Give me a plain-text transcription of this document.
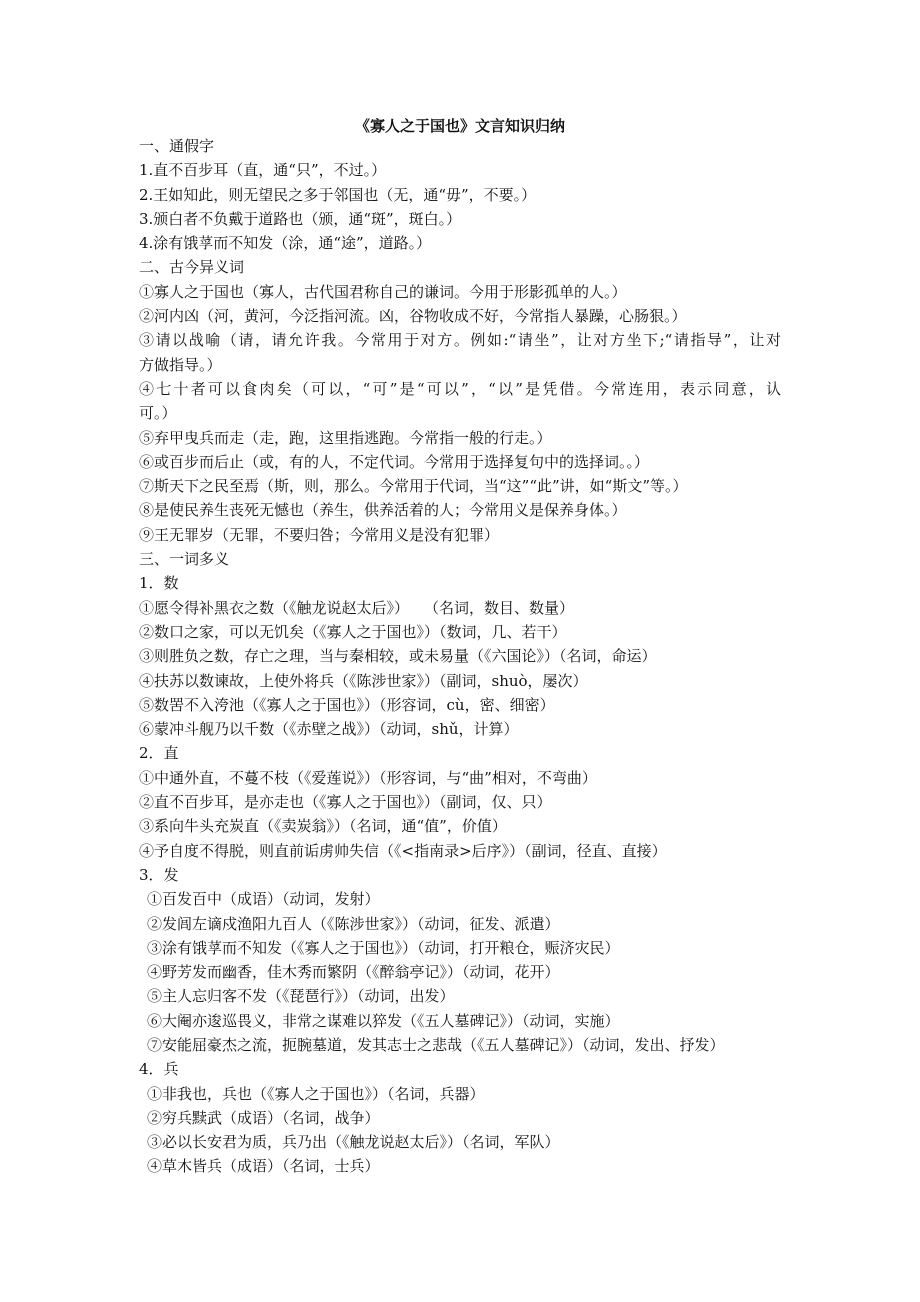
《寡人之于国也》文言知识归纳
一、通假字
1.直不百步耳（直，通“只”，不过。）
2.王如知此，则无望民之多于邻国也（无，通“毋”，不要。）
3.颁白者不负戴于道路也（颁，通“斑”，斑白。）
4.涂有饿莩而不知发（涂，通“途”，道路。）
二、古今异义词
①寡人之于国也（寡人，古代国君称自己的谦词。今用于形影孤单的人。）
②河内凶（河，黄河，今泛指河流。凶，谷物收成不好，今常指人暴躁，心肠狠。）
③请以战喻（请，请允许我。今常用于对方。例如:“请坐”，让对方坐下;“请指导”，让对
方做指导。）
④七十者可以食肉矣（可以，“可”是“可以”，“以”是凭借。今常连用，表示同意，认
可。）
⑤弃甲曳兵而走（走，跑，这里指逃跑。今常指一般的行走。）
⑥或百步而后止（或，有的人，不定代词。今常用于选择复句中的选择词。。）
⑦斯天下之民至焉（斯，则，那么。今常用于代词，当“这”“此”讲，如“斯文”等。）
⑧是使民养生丧死无憾也（养生，供养活着的人；今常用义是保养身体。）
⑨王无罪岁（无罪，不要归咎；今常用义是没有犯罪）
三、一词多义
1．数
①愿令得补黑衣之数（《触龙说赵太后》）　　（名词，数目、数量）
②数口之家，可以无饥矣（《寡人之于国也》）（数词，几、若干）
③则胜负之数，存亡之理，当与秦相较，或未易量（《六国论》）（名词，命运）
④扶苏以数谏故，上使外将兵（《陈涉世家》）（副词，shuò，屡次）
⑤数罟不入洿池（《寡人之于国也》）（形容词，cù，密、细密）
⑥蒙冲斗舰乃以千数（《赤壁之战》）（动词，shǔ，计算）
2．直
①中通外直，不蔓不枝（《爱莲说》）（形容词，与“曲”相对，不弯曲）
②直不百步耳，是亦走也（《寡人之于国也》）（副词，仅、只）
③系向牛头充炭直（《卖炭翁》）（名词，通“值”，价值）
④予自度不得脱，则直前诟虏帅失信（《<指南录>后序》）（副词，径直、直接）
3．发
①百发百中（成语）（动词，发射）
②发闾左谪戍渔阳九百人（《陈涉世家》）（动词，征发、派遣）
③涂有饿莩而不知发（《寡人之于国也》）（动词，打开粮仓，赈济灾民）
④野芳发而幽香，佳木秀而繁阴（《醉翁亭记》）（动词，花开）
⑤主人忘归客不发（《琵琶行》）（动词，出发）
⑥大阉亦逡巡畏义，非常之谋难以猝发（《五人墓碑记》）（动词，实施）
⑦安能屈豪杰之流，扼腕墓道，发其志士之悲哉（《五人墓碑记》）（动词，发出、抒发）
4．兵
①非我也，兵也（《寡人之于国也》）（名词，兵器）
②穷兵黩武（成语）（名词，战争）
③必以长安君为质，兵乃出（《触龙说赵太后》）（名词，军队）
④草木皆兵（成语）（名词，士兵）
